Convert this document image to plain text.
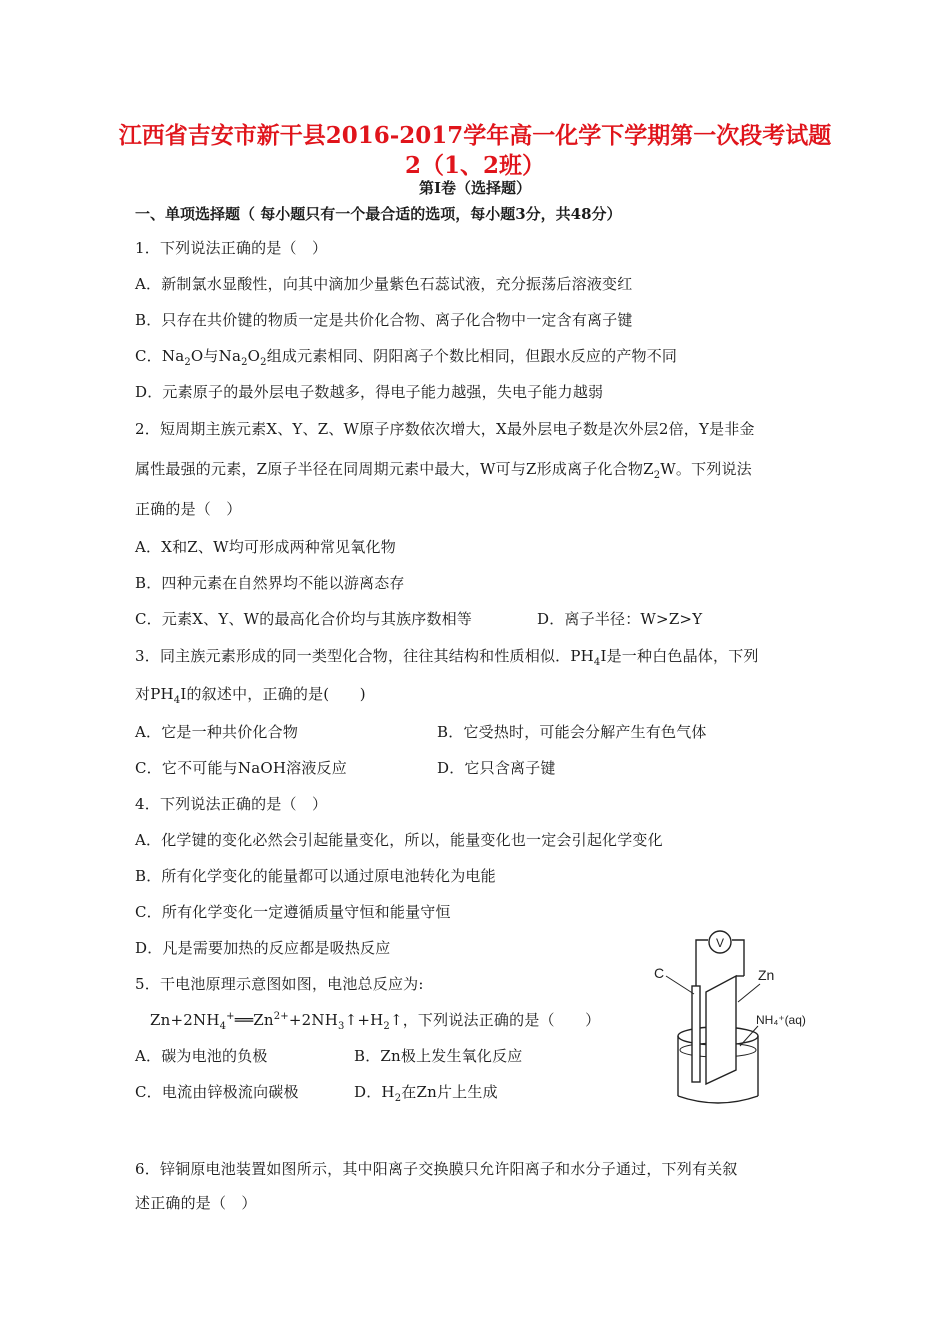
江西省吉安市新干县2016-2017学年高一化学下学期第一次段考试题
2（1、2班）
第Ⅰ卷（选择题）
一、单项选择题（ 每小题只有一个最合适的选项，每小题3分，共48分）
1．下列说法正确的是（　）
A．新制氯水显酸性，向其中滴加少量紫色石蕊试液，充分振荡后溶液变红
B．只存在共价键的物质一定是共价化合物、离子化合物中一定含有离子键
C．$Na_2O$与$Na_2O_2$组成元素相同、阴阳离子个数比相同，但跟水反应的产物不同
D．元素原子的最外层电子数越多，得电子能力越强，失电子能力越弱
2．短周期主族元素X、Y、Z、W原子序数依次增大，X最外层电子数是次外层2倍，Y是非金
属性最强的元素，Z原子半径在同周期元素中最大，W可与Z形成离子化合物$Z_2W$。下列说法
正确的是（　）
A．X和Z、W均可形成两种常见氧化物
B．四种元素在自然界均不能以游离态存
C．元素X、Y、W的最高化合价均与其族序数相等	D．离子半径：W>Z>Y
3．同主族元素形成的同一类型化合物，往往其结构和性质相似．$PH_4I$是一种白色晶体，下列
对$PH_4I$的叙述中，正确的是(　　)
A．它是一种共价化合物	B．它受热时，可能会分解产生有色气体
C．它不可能与NaOH溶液反应	D．它只含离子键
4．下列说法正确的是（　）
A．化学键的变化必然会引起能量变化，所以，能量变化也一定会引起化学变化
B．所有化学变化的能量都可以通过原电池转化为电能
C．所有化学变化一定遵循质量守恒和能量守恒
D．凡是需要加热的反应都是吸热反应
5．干电池原理示意图如图，电池总反应为:
$Zn+2NH_4^+══Zn^{2+}+2NH_3↑+H_2↑$，下列说法正确的是（　　）
A．碳为电池的负极	B．Zn极上发生氧化反应
C．电流由锌极流向碳极	D．$H_2$在Zn片上生成
V
C	Zn
NH₄⁺(aq)
6．锌铜原电池装置如图所示，其中阳离子交换膜只允许阳离子和水分子通过，下列有关叙
述正确的是（　）
